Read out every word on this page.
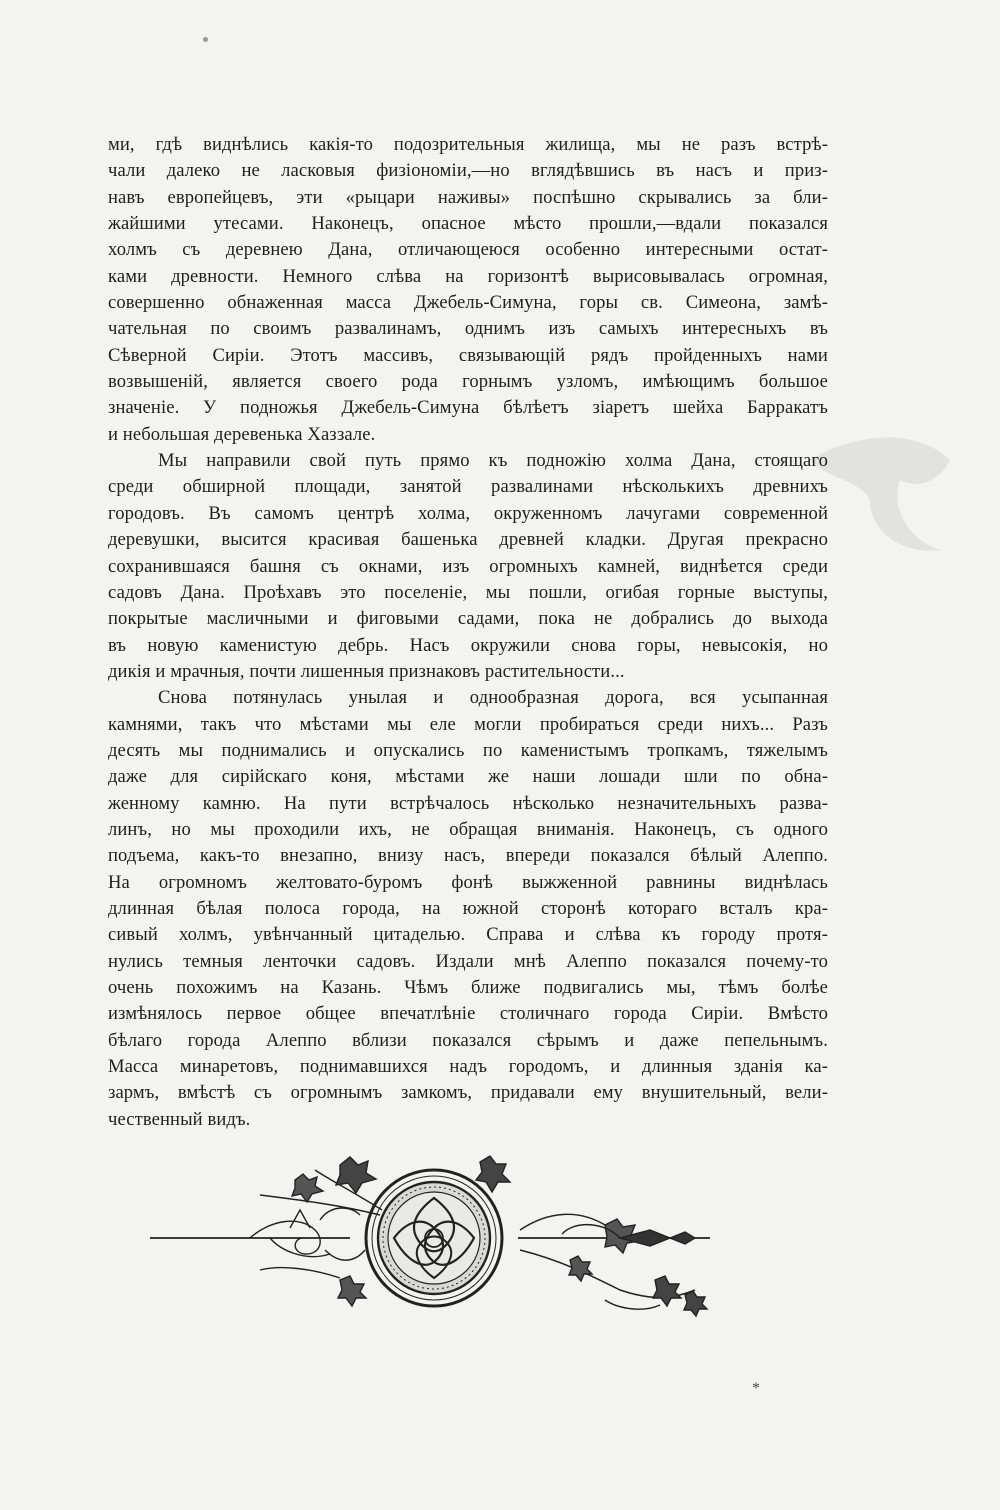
ми, гдѣ виднѣлись какія-то подозрительныя жилища, мы не разъ встрѣ-
чали далеко не ласковыя физіономіи,—но вглядѣвшись въ насъ и приз-
навъ европейцевъ, эти «рыцари наживы» поспѣшно скрывались за бли-
жайшими утесами. Наконецъ, опасное мѣсто прошли,—вдали показался
холмъ съ деревнею Дана, отличающеюся особенно интересными остат-
ками древности. Немного слѣва на горизонтѣ вырисовывалась огромная,
совершенно обнаженная масса Джебель-Симуна, горы св. Симеона, замѣ-
чательная по своимъ развалинамъ, однимъ изъ самыхъ интересныхъ въ
Сѣверной Сиріи. Этотъ массивъ, связывающій рядъ пройденныхъ нами
возвышеній, является своего рода горнымъ узломъ, имѣющимъ большое
значеніе. У подножья Джебель-Симуна бѣлѣетъ зіаретъ шейха Барракатъ
и небольшая деревенька Хаззале.
Мы направили свой путь прямо къ подножію холма Дана, стоящаго
среди обширной площади, занятой развалинами нѣсколькихъ древнихъ
городовъ. Въ самомъ центрѣ холма, окруженномъ лачугами современной
деревушки, высится красивая башенька древней кладки. Другая прекрасно
сохранившаяся башня съ окнами, изъ огромныхъ камней, виднѣется среди
садовъ Дана. Проѣхавъ это поселеніе, мы пошли, огибая горные выступы,
покрытые масличными и фиговыми садами, пока не добрались до выхода
въ новую каменистую дебрь. Насъ окружили снова горы, невысокія, но
дикія и мрачныя, почти лишенныя признаковъ растительности...
Снова потянулась унылая и однообразная дорога, вся усыпанная
камнями, такъ что мѣстами мы еле могли пробираться среди нихъ... Разъ
десять мы поднимались и опускались по каменистымъ тропкамъ, тяжелымъ
даже для сирійскаго коня, мѣстами же наши лошади шли по обна-
женному камню. На пути встрѣчалось нѣсколько незначительныхъ разва-
линъ, но мы проходили ихъ, не обращая вниманія. Наконецъ, съ одного
подъема, какъ-то внезапно, внизу насъ, впереди показался бѣлый Алеппо.
На огромномъ желтовато-буромъ фонѣ выжженной равнины виднѣлась
длинная бѣлая полоса города, на южной сторонѣ котораго всталъ кра-
сивый холмъ, увѣнчанный цитаделью. Справа и слѣва къ городу протя-
нулись темныя ленточки садовъ. Издали мнѣ Алеппо показался почему-то
очень похожимъ на Казань. Чѣмъ ближе подвигались мы, тѣмъ болѣе
измѣнялось первое общее впечатлѣніе столичнаго города Сиріи. Вмѣсто
бѣлаго города Алеппо вблизи показался сѣрымъ и даже пепельнымъ.
Масса минаретовъ, поднимавшихся надъ городомъ, и длинныя зданія ка-
зармъ, вмѣстѣ съ огромнымъ замкомъ, придавали ему внушительный, вели-
чественный видъ.
*
